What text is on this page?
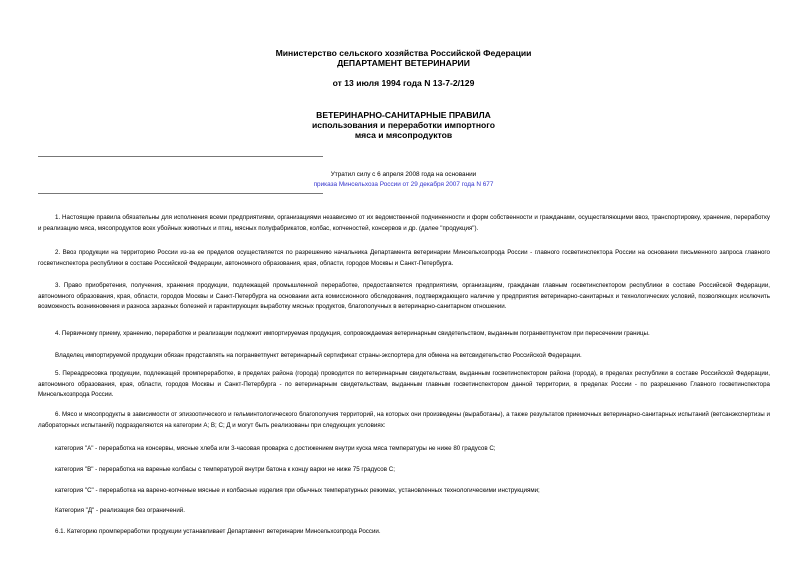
Министерство сельского хозяйства Российской Федерации
ДЕПАРТАМЕНТ ВЕТЕРИНАРИИ
от 13 июля 1994 года N 13-7-2/129
ВЕТЕРИНАРНО-САНИТАРНЫЕ ПРАВИЛА
использования и переработки импортного
мяса и мясопродуктов
Утратил силу с 6 апреля 2008 года на основании
приказа Минсельхоза России от 29 декабря 2007 года N 677
1. Настоящие правила обязательны для исполнения всеми предприятиями, организациями независимо от их ведомственной подчиненности и форм собственности и гражданами, осуществляющими ввоз, транспортировку, хранение, переработку и реализацию мяса, мясопродуктов всех убойных животных и птиц, мясных полуфабрикатов, колбас, копченостей, консервов и др. (далее "продукция").
2. Ввоз продукции на территорию России из-за ее пределов осуществляется по разрешению начальника Департамента ветеринарии Минсельхозпрода России - главного госветинспектора России на основании письменного запроса главного госветинспектора республики в составе Российской Федерации, автономного образования, края, области, городов Москвы и Санкт-Петербурга.
3. Право приобретения, получения, хранения продукции, подлежащей промышленной переработке, предоставляется предприятиям, организациям, гражданам главным госветинспектором республики в составе Российской Федерации, автономного образования, края, области, городов Москвы и Санкт-Петербурга на основании акта комиссионного обследования, подтверждающего наличие у предприятия ветеринарно-санитарных и технологических условий, позволяющих исключить возможность возникновения и разноса заразных болезней и гарантирующих выработку мясных продуктов, благополучных в ветеринарно-санитарном отношении.
4. Первичному приему, хранению, переработке и реализации подлежит импортируемая продукция, сопровождаемая ветеринарным свидетельством, выданным погранветпунктом при пересечении границы.
Владелец импортируемой продукции обязан представлять на погранветпункт ветеринарный сертификат страны-экспортера для обмена на ветсвидетельство Российской Федерации.
5. Переадресовка продукции, подлежащей промпереработке, в пределах района (города) проводится по ветеринарным свидетельствам, выданным госветинспектором района (города), в пределах республики в составе Российской Федерации, автономного образования, края, области, городов Москвы и Санкт-Петербурга - по ветеринарным свидетельствам, выданным главным госветинспектором данной территории, в пределах России - по разрешению Главного госветинспектора Минсельхозпрода России.
6. Мясо и мясопродукты в зависимости от эпизоотического и гельминтологического благополучия территорий, на которых они произведены (выработаны), а также результатов приемочных ветеринарно-санитарных испытаний (ветсанэкспертизы и лабораторных испытаний) подразделяются на категории А; В; С; Д и могут быть реализованы при следующих условиях:
категория "А" - переработка на консервы, мясные хлеба или 3-часовая проварка с достижением внутри куска мяса температуры не ниже 80 градусов С;
категория "В" - переработка на вареные колбасы с температурой внутри батона к концу варки не ниже 75 градусов С;
категория "С" - переработка на варено-копченые мясные и колбасные изделия при обычных температурных режимах, установленных технологическими инструкциями;
Категория "Д" - реализация без ограничений.
6.1. Категорию промпереработки продукции устанавливает Департамент ветеринарии Минсельхозпрода России.
